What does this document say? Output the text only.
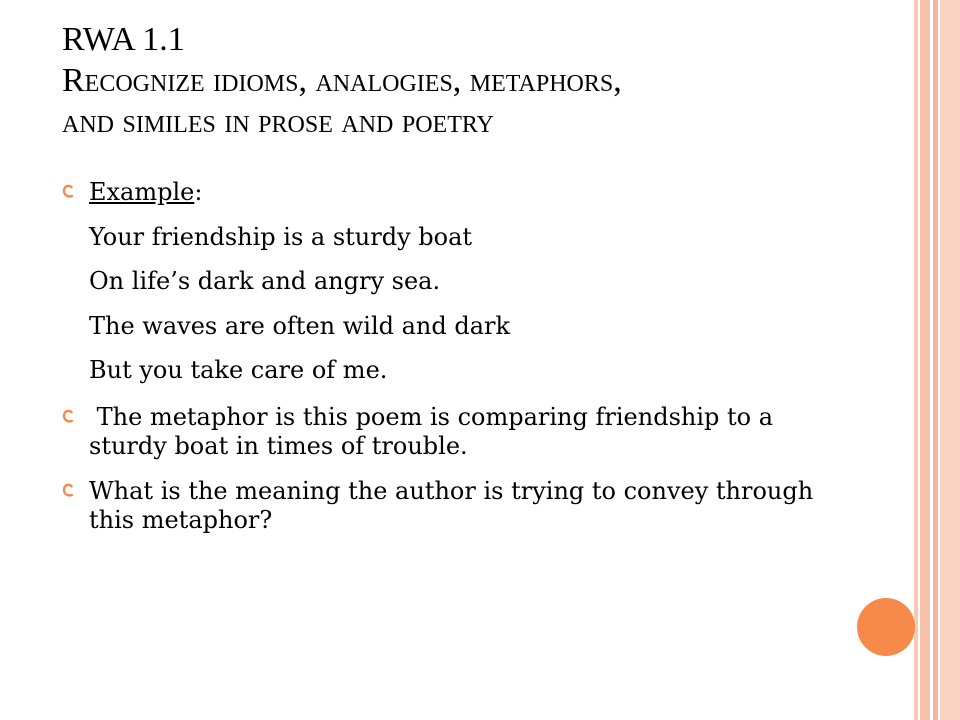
RWA 1.1
Recognize idioms, analogies, metaphors,
and similes in prose and poetry
Example:
Your friendship is a sturdy boat
On life’s dark and angry sea.
The waves are often wild and dark
But you take care of me.
The metaphor is this poem is comparing friendship to a sturdy boat in times of trouble.
What is the meaning the author is trying to convey through this metaphor?
